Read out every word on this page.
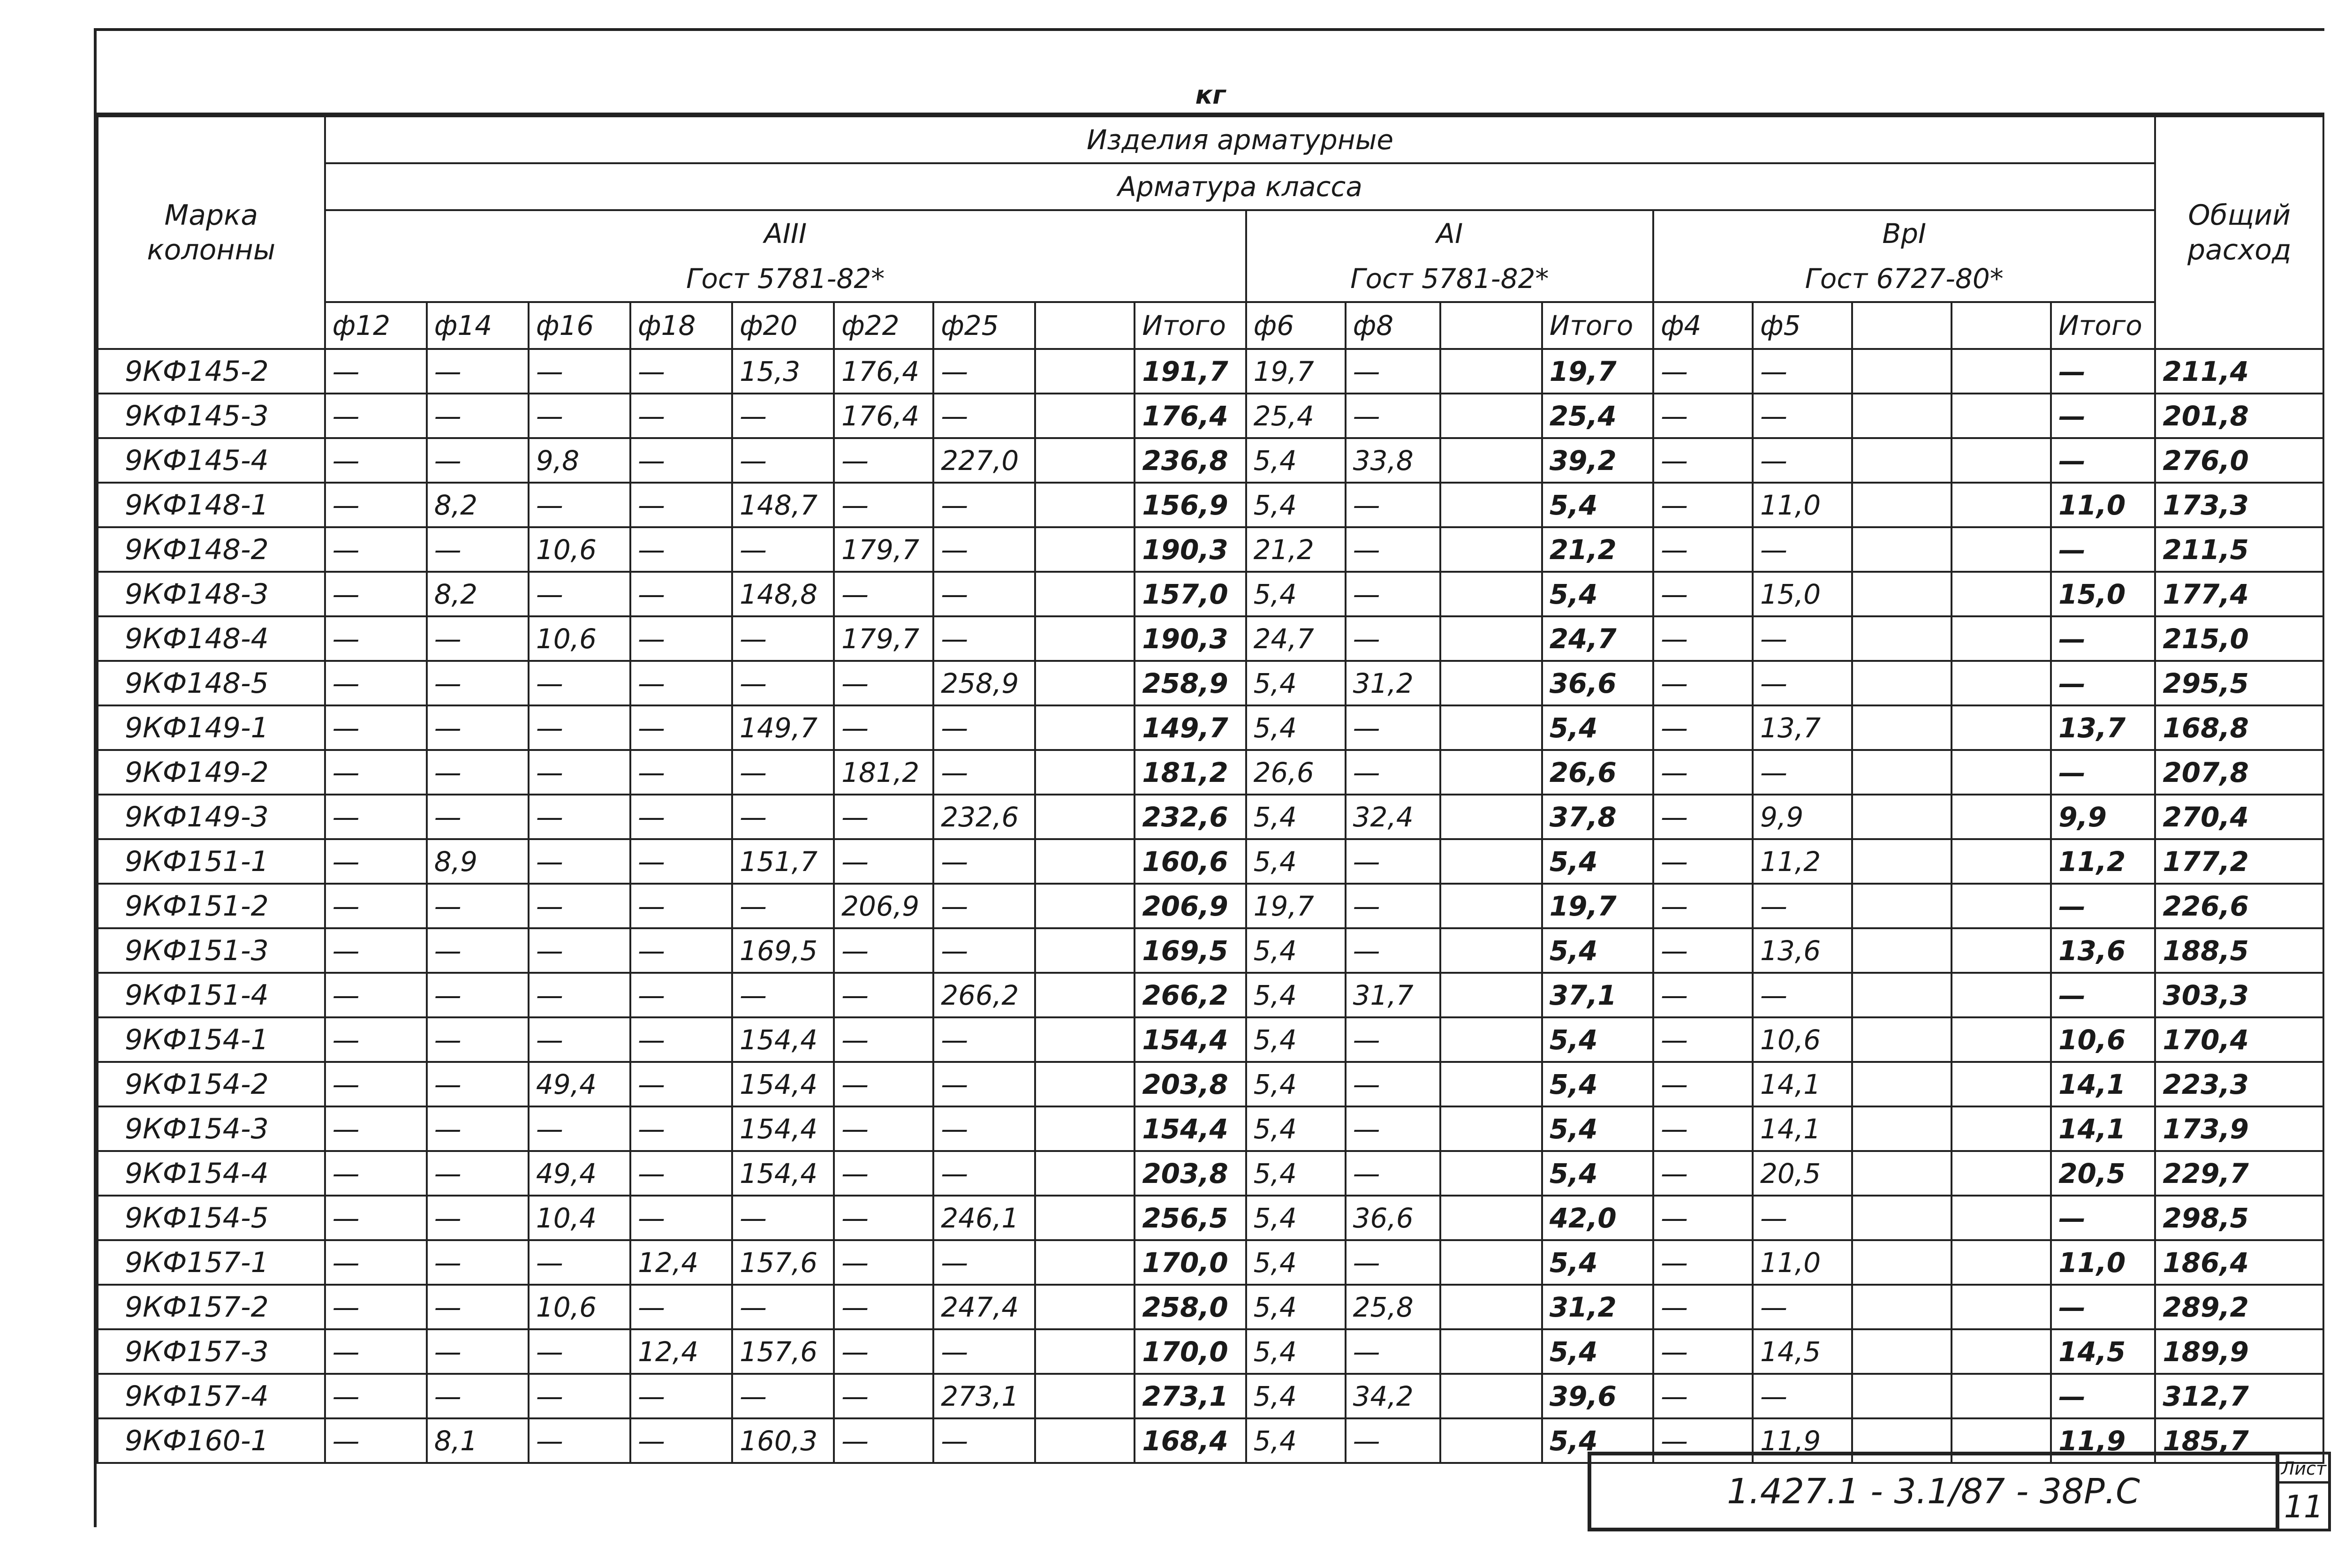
кг
Марка колонны	Изделия арматурные																		Общий расход
	Арматура класса																		
	AIII									AI				BpI					
	Гост 5781-82*									Гост 5781-82*				Гост 6727-80*					
	ф12	ф14	ф16	ф18	ф20	ф22	ф25		Итого	ф6	ф8		Итого	ф4	ф5			Итого	
9КФ145-2	—	—	—	—	15,3	176,4	—		191,7	19,7	—		19,7	—	—			—	211,4
9КФ145-3	—	—	—	—	—	176,4	—		176,4	25,4	—		25,4	—	—			—	201,8
9КФ145-4	—	—	9,8	—	—	—	227,0		236,8	5,4	33,8		39,2	—	—			—	276,0
9КФ148-1	—	8,2	—	—	148,7	—	—		156,9	5,4	—		5,4	—	11,0			11,0	173,3
9КФ148-2	—	—	10,6	—	—	179,7	—		190,3	21,2	—		21,2	—	—			—	211,5
9КФ148-3	—	8,2	—	—	148,8	—	—		157,0	5,4	—		5,4	—	15,0			15,0	177,4
9КФ148-4	—	—	10,6	—	—	179,7	—		190,3	24,7	—		24,7	—	—			—	215,0
9КФ148-5	—	—	—	—	—	—	258,9		258,9	5,4	31,2		36,6	—	—			—	295,5
9КФ149-1	—	—	—	—	149,7	—	—		149,7	5,4	—		5,4	—	13,7			13,7	168,8
9КФ149-2	—	—	—	—	—	181,2	—		181,2	26,6	—		26,6	—	—			—	207,8
9КФ149-3	—	—	—	—	—	—	232,6		232,6	5,4	32,4		37,8	—	9,9			9,9	270,4
9КФ151-1	—	8,9	—	—	151,7	—	—		160,6	5,4	—		5,4	—	11,2			11,2	177,2
9КФ151-2	—	—	—	—	—	206,9	—		206,9	19,7	—		19,7	—	—			—	226,6
9КФ151-3	—	—	—	—	169,5	—	—		169,5	5,4	—		5,4	—	13,6			13,6	188,5
9КФ151-4	—	—	—	—	—	—	266,2		266,2	5,4	31,7		37,1	—	—			—	303,3
9КФ154-1	—	—	—	—	154,4	—	—		154,4	5,4	—		5,4	—	10,6			10,6	170,4
9КФ154-2	—	—	49,4	—	154,4	—	—		203,8	5,4	—		5,4	—	14,1			14,1	223,3
9КФ154-3	—	—	—	—	154,4	—	—		154,4	5,4	—		5,4	—	14,1			14,1	173,9
9КФ154-4	—	—	49,4	—	154,4	—	—		203,8	5,4	—		5,4	—	20,5			20,5	229,7
9КФ154-5	—	—	10,4	—	—	—	246,1		256,5	5,4	36,6		42,0	—	—			—	298,5
9КФ157-1	—	—	—	12,4	157,6	—	—		170,0	5,4	—		5,4	—	11,0			11,0	186,4
9КФ157-2	—	—	10,6	—	—	—	247,4		258,0	5,4	25,8		31,2	—	—			—	289,2
9КФ157-3	—	—	—	12,4	157,6	—	—		170,0	5,4	—		5,4	—	14,5			14,5	189,9
9КФ157-4	—	—	—	—	—	—	273,1		273,1	5,4	34,2		39,6	—	—			—	312,7
9КФ160-1	—	8,1	—	—	160,3	—	—		168,4	5,4	—		5,4	—	11,9			11,9	185,7
1.427.1 - 3.1/87 - 38Р.С
Лист
11
